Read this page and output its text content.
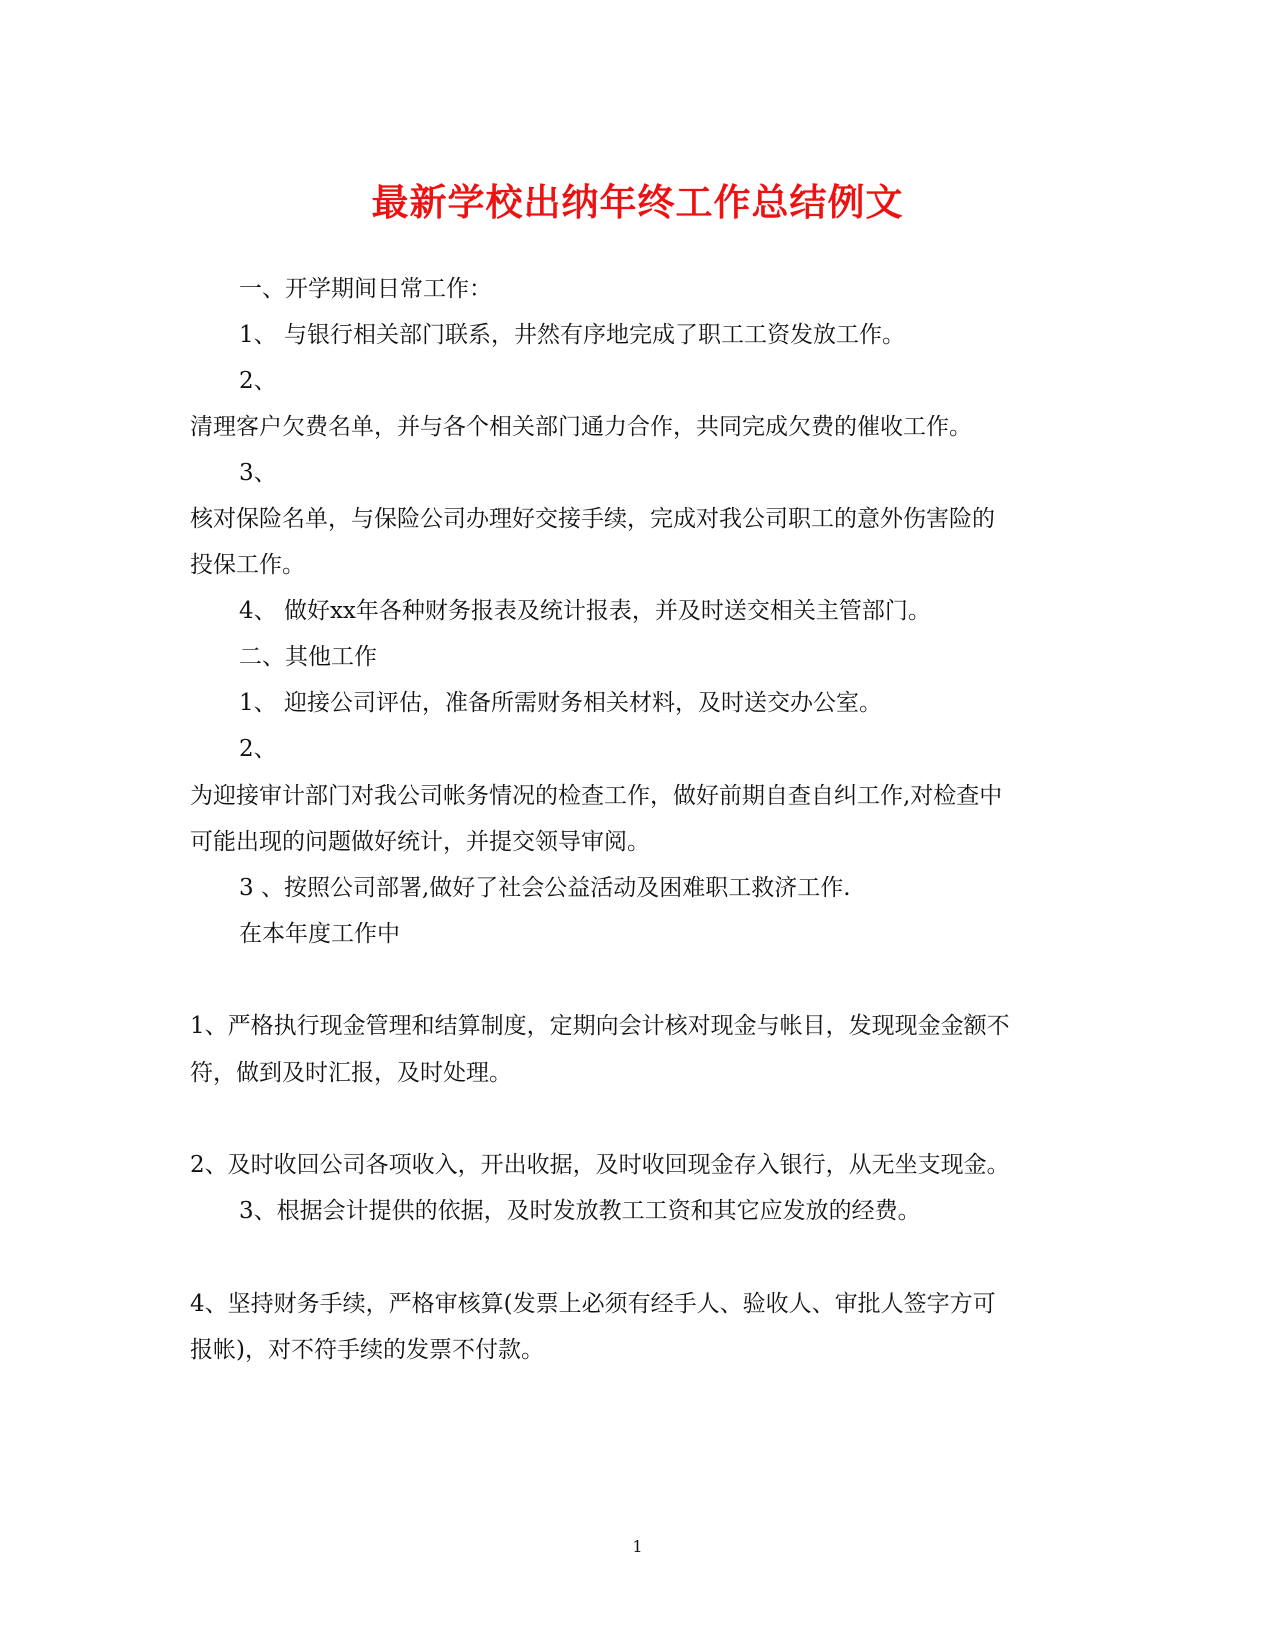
最新学校出纳年终工作总结例文
一、开学期间日常工作：
1、 与银行相关部门联系，井然有序地完成了职工工资发放工作。
2、
清理客户欠费名单，并与各个相关部门通力合作，共同完成欠费的催收工作。
3、
核对保险名单，与保险公司办理好交接手续，完成对我公司职工的意外伤害险的
投保工作。
4、 做好xx年各种财务报表及统计报表，并及时送交相关主管部门。
二、其他工作
1、 迎接公司评估，准备所需财务相关材料，及时送交办公室。
2、
为迎接审计部门对我公司帐务情况的检查工作，做好前期自查自纠工作,对检查中
可能出现的问题做好统计，并提交领导审阅。
3 、按照公司部署,做好了社会公益活动及困难职工救济工作.
在本年度工作中
1、严格执行现金管理和结算制度，定期向会计核对现金与帐目，发现现金金额不
符，做到及时汇报，及时处理。
2、及时收回公司各项收入，开出收据，及时收回现金存入银行，从无坐支现金。
3、根据会计提供的依据，及时发放教工工资和其它应发放的经费。
4、坚持财务手续，严格审核算(发票上必须有经手人、验收人、审批人签字方可
报帐)，对不符手续的发票不付款。
1
